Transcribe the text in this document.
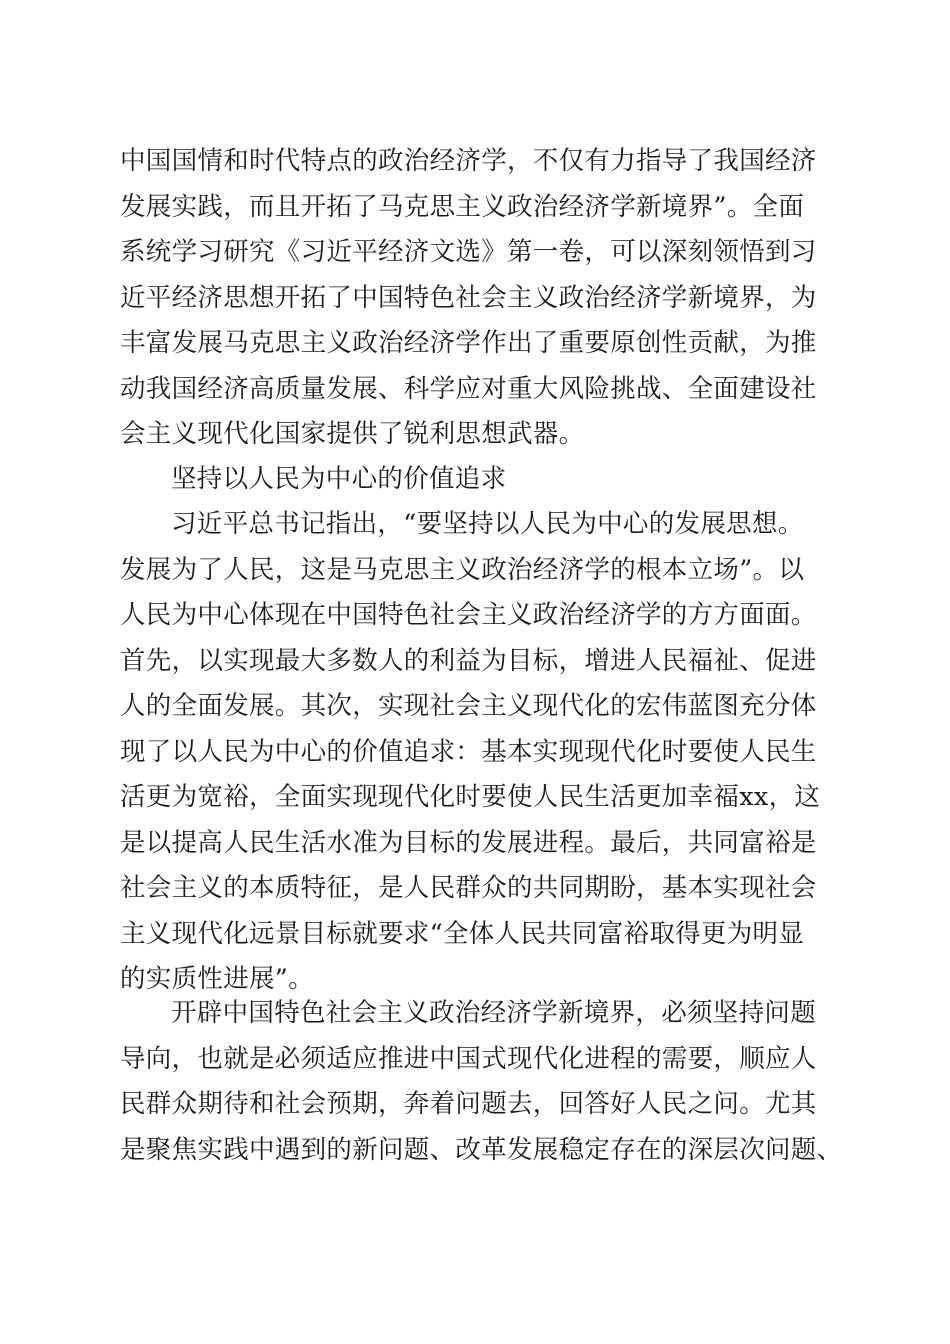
中国国情和时代特点的政治经济学，不仅有力指导了我国经济
发展实践，而且开拓了马克思主义政治经济学新境界”。全面
系统学习研究《习近平经济文选》第一卷，可以深刻领悟到习
近平经济思想开拓了中国特色社会主义政治经济学新境界，为
丰富发展马克思主义政治经济学作出了重要原创性贡献，为推
动我国经济高质量发展、科学应对重大风险挑战、全面建设社
会主义现代化国家提供了锐利思想武器。

坚持以人民为中心的价值追求

习近平总书记指出，“要坚持以人民为中心的发展思想。
发展为了人民，这是马克思主义政治经济学的根本立场”。以
人民为中心体现在中国特色社会主义政治经济学的方方面面。
首先，以实现最大多数人的利益为目标，增进人民福祉、促进
人的全面发展。其次，实现社会主义现代化的宏伟蓝图充分体
现了以人民为中心的价值追求：基本实现现代化时要使人民生
活更为宽裕，全面实现现代化时要使人民生活更加幸福xx，这
是以提高人民生活水准为目标的发展进程。最后，共同富裕是
社会主义的本质特征，是人民群众的共同期盼，基本实现社会
主义现代化远景目标就要求“全体人民共同富裕取得更为明显
的实质性进展”。

开辟中国特色社会主义政治经济学新境界，必须坚持问题
导向，也就是必须适应推进中国式现代化进程的需要，顺应人
民群众期待和社会预期，奔着问题去，回答好人民之问。尤其
是聚焦实践中遇到的新问题、改革发展稳定存在的深层次问题、
